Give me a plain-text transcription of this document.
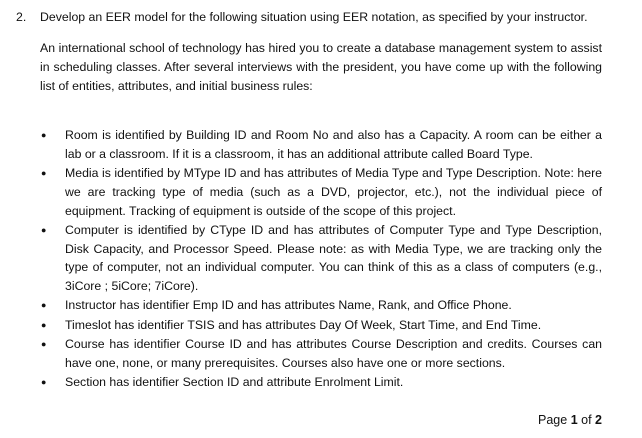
2.	Develop an EER model for the following situation using EER notation, as specified by your instructor.

An international school of technology has hired you to create a database management system to assist in scheduling classes. After several interviews with the president, you have come up with the following list of entities, attributes, and initial business rules:

●	Room is identified by Building ID and Room No and also has a Capacity. A room can be either a lab or a classroom. If it is a classroom, it has an additional attribute called Board Type.
●	Media is identified by MType ID and has attributes of Media Type and Type Description. Note: here we are tracking type of media (such as a DVD, projector, etc.), not the individual piece of equipment. Tracking of equipment is outside of the scope of this project.
●	Computer is identified by CType ID and has attributes of Computer Type and Type Description, Disk Capacity, and Processor Speed. Please note: as with Media Type, we are tracking only the type of computer, not an individual computer. You can think of this as a class of computers (e.g., 3iCore ; 5iCore; 7iCore).
●	Instructor has identifier Emp ID and has attributes Name, Rank, and Office Phone.
●	Timeslot has identifier TSIS and has attributes Day Of Week, Start Time, and End Time.
●	Course has identifier Course ID and has attributes Course Description and credits. Courses can have one, none, or many prerequisites. Courses also have one or more sections.
●	Section has identifier Section ID and attribute Enrolment Limit.
Page 1 of 2
